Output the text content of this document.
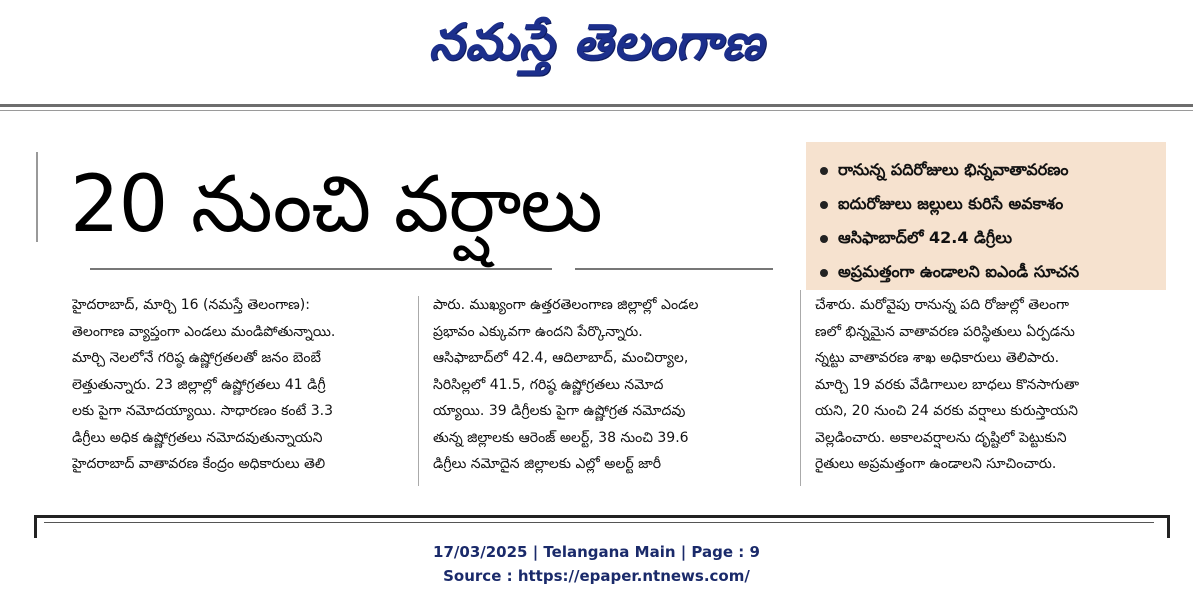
నమస్తే తెలంగాణ
20 నుంచి వర్షాలు	రానున్న పదిరోజులు భిన్నవాతావరణం
ఐదురోజులు జల్లులు కురిసే అవకాశం
ఆసిఫాబాద్‌లో 42.4 డిగ్రీలు
అప్రమత్తంగా ఉండాలని ఐఎండీ సూచన

హైదరాబాద్, మార్చి 16 (నమస్తే తెలంగాణ):

తెలంగాణ వ్యాప్తంగా ఎండలు మండిపోతున్నాయి.

మార్చి నెలలోనే గరిష్ఠ ఉష్ణోగ్రతలతో జనం బెంబే

లెత్తుతున్నారు. 23 జిల్లాల్లో ఉష్ణోగ్రతలు 41 డిగ్రీ

లకు పైగా నమోదయ్యాయి. సాధారణం కంటే 3.3

డిగ్రీలు అధిక ఉష్ణోగ్రతలు నమోదవుతున్నాయని

హైదరాబాద్ వాతావరణ కేంద్రం అధికారులు తెలి

పారు. ముఖ్యంగా ఉత్తరతెలంగాణ జిల్లాల్లో ఎండల

ప్రభావం ఎక్కువగా ఉందని పేర్కొన్నారు.

ఆసిఫాబాద్‌లో 42.4, ఆదిలాబాద్, మంచిర్యాల,

సిరిసిల్లలో 41.5, గరిష్ఠ ఉష్ణోగ్రతలు నమోద

య్యాయి. 39 డిగ్రీలకు పైగా ఉష్ణోగ్రత నమోదవు

తున్న జిల్లాలకు ఆరెంజ్ అలర్ట్, 38 నుంచి 39.6

డిగ్రీలు నమోదైన జిల్లాలకు ఎల్లో అలర్ట్ జారీ

చేశారు. మరోవైపు రానున్న పది రోజుల్లో తెలంగా

ణలో భిన్నమైన వాతావరణ పరిస్థితులు ఏర్పడను

న్నట్టు వాతావరణ శాఖ అధికారులు తెలిపారు.

మార్చి 19 వరకు వేడిగాలుల బాధలు కొనసాగుతా

యని, 20 నుంచి 24 వరకు వర్షాలు కురుస్తాయని

వెల్లడించారు. అకాలవర్షాలను దృష్టిలో పెట్టుకుని

రైతులు అప్రమత్తంగా ఉండాలని సూచించారు.

17/03/2025 | Telangana Main | Page : 9
Source : https://epaper.ntnews.com/
